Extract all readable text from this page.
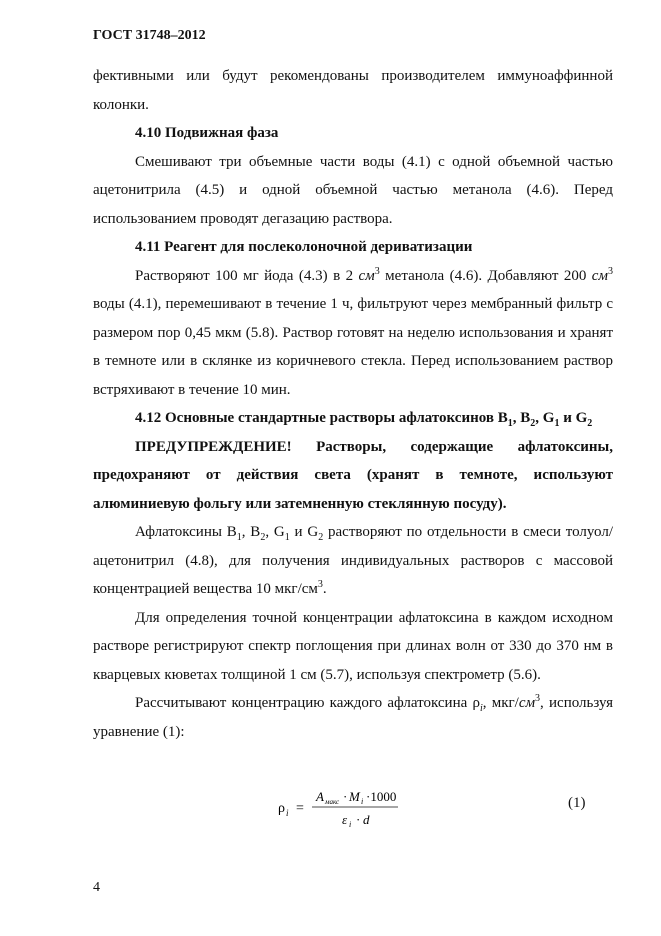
ГОСТ 31748–2012

фективными или будут рекомендованы производителем иммуноаффинной колонки.

4.10 Подвижная фаза

Смешивают три объемные части воды (4.1) с одной объемной частью ацетонитрила (4.5) и одной объемной частью метанола (4.6). Перед использованием проводят дегазацию раствора.

4.11 Реагент для послеколоночной дериватизации

Растворяют 100 мг йода (4.3) в 2 $см^3$ метанола (4.6). Добавляют 200 $см^3$ воды (4.1), перемешивают в течение 1 ч, фильтруют через мембранный фильтр с размером пор 0,45 мкм (5.8). Раствор готовят на неделю использования и хранят в темноте или в склянке из коричневого стекла. Перед использованием раствор встряхивают в течение 10 мин.

4.12 Основные стандартные растворы афлатоксинов $B_1$, $B_2$, $G_1$ и $G_2$

ПРЕДУПРЕЖДЕНИЕ! Растворы, содержащие афлатоксины, предохраняют от действия света (хранят в темноте, используют алюминиевую фольгу или затемненную стеклянную посуду).

Афлатоксины $B_1$, $B_2$, $G_1$ и $G_2$ растворяют по отдельности в смеси толуол/ацетонитрил (4.8), для получения индивидуальных растворов с массовой концентрацией вещества 10 мкг/$см^3$.

Для определения точной концентрации афлатоксина в каждом исходном растворе регистрируют спектр поглощения при длинах волн от 330 до 370 нм в кварцевых кюветах толщиной 1 см (5.7), используя спектрометр (5.6).

Рассчитывают концентрацию каждого афлатоксина $\rho_i$, мкг/$см^3$, используя уравнение (1):

ρ i =
A макс · M i ·1000
ε i · d
(1)
4
